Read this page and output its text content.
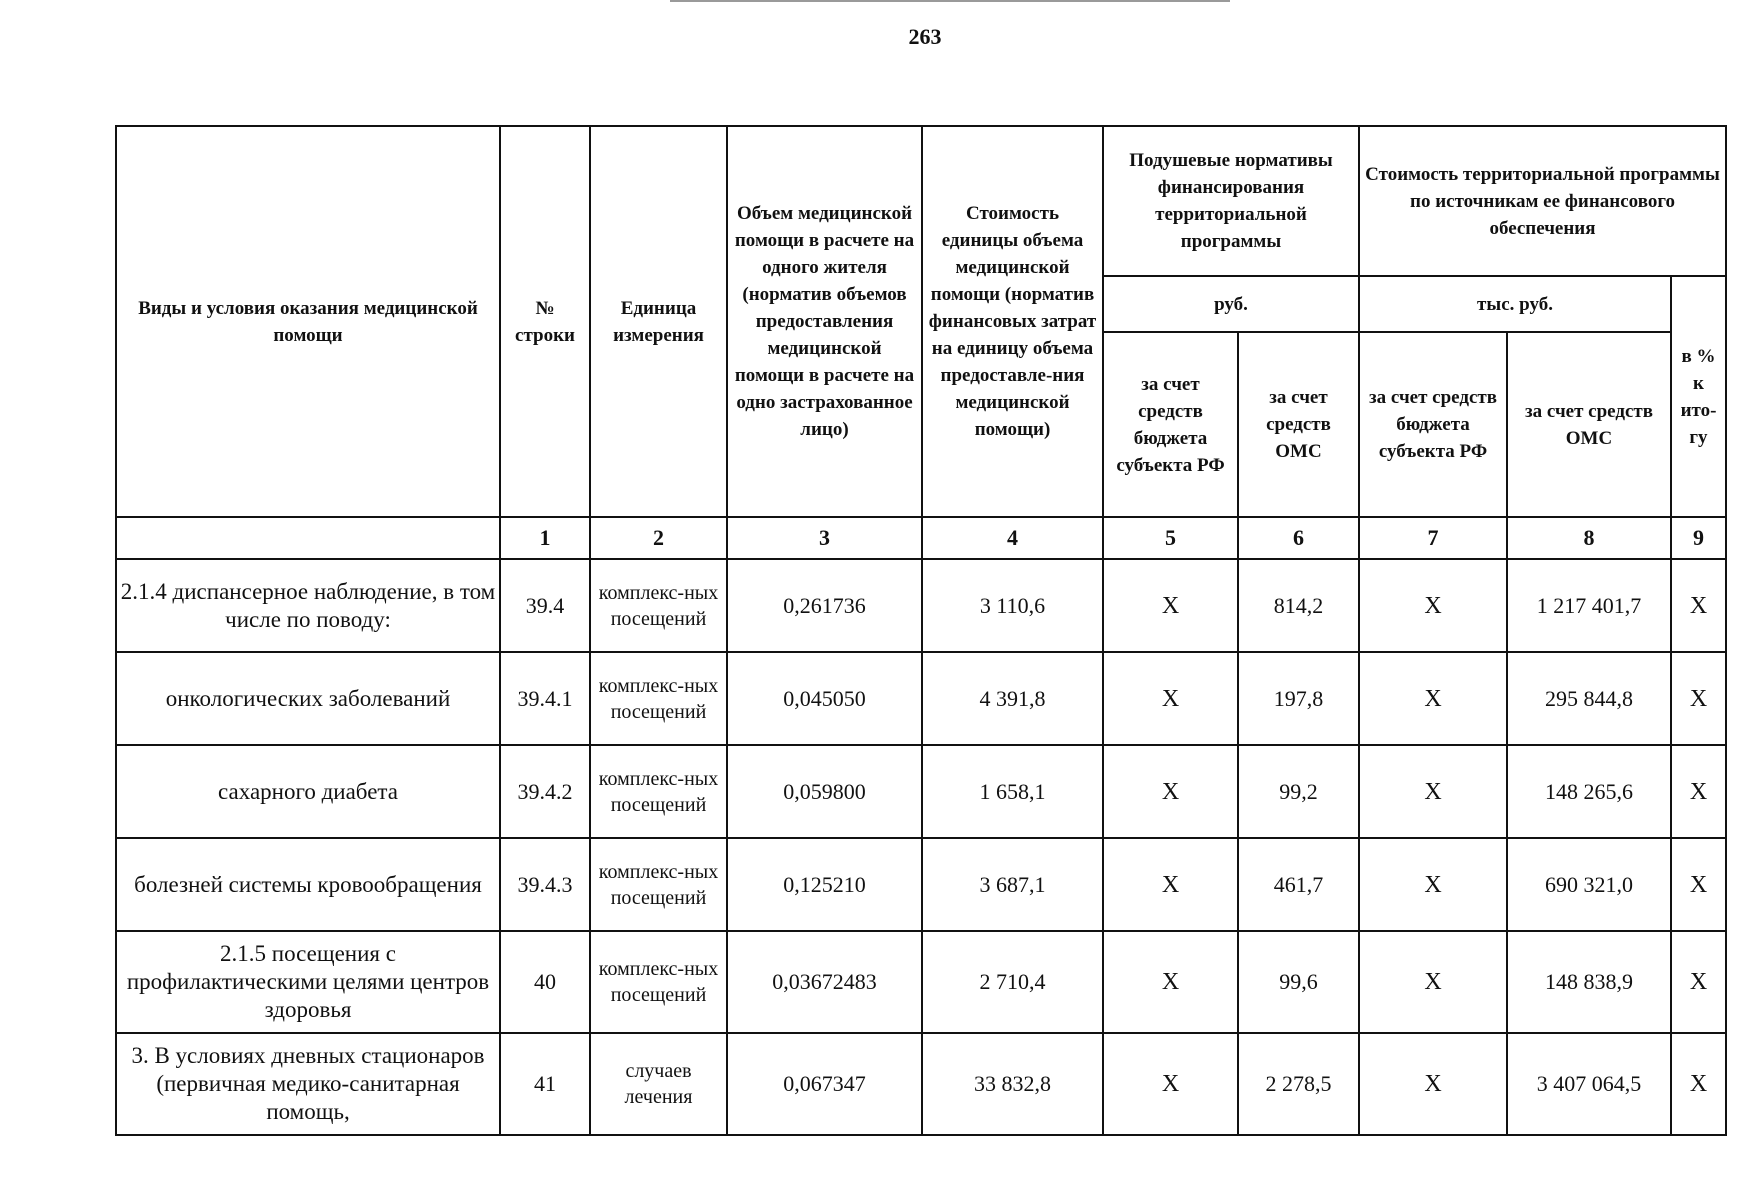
263
Виды и условия оказания медицинской помощи	№ строки	Единица измерения	Объем медицинской помощи в расчете на одного жителя (норматив объемов предоставления медицинской помощи в расчете на одно застрахованное лицо)	Стоимость единицы объема медицинской помощи (норматив финансовых затрат на единицу объема предоставле-ния медицинской помощи)	Подушевые нормативы финансирования территориальной программы		Стоимость территориальной программы по источникам ее финансового обеспечения		
					руб.		тыс. руб.		в % к ито-гу
					за счет средств бюджета субъекта РФ	за счет средств ОМС	за счет средств бюджета субъекта РФ	за счет средств ОМС	
	1	2	3	4	5	6	7	8	9
2.1.4 диспансерное наблюдение, в том числе по поводу:	39.4	комплекс-ных посещений	0,261736	3 110,6	Х	814,2	Х	1 217 401,7	Х
онкологических заболеваний	39.4.1	комплекс-ных посещений	0,045050	4 391,8	Х	197,8	Х	295 844,8	Х
сахарного диабета	39.4.2	комплекс-ных посещений	0,059800	1 658,1	Х	99,2	Х	148 265,6	Х
болезней системы кровообращения	39.4.3	комплекс-ных посещений	0,125210	3 687,1	Х	461,7	Х	690 321,0	Х
2.1.5 посещения с профилактическими целями центров здоровья	40	комплекс-ных посещений	0,03672483	2 710,4	Х	99,6	Х	148 838,9	Х
3. В условиях дневных стационаров (первичная медико-санитарная помощь,	41	случаев лечения	0,067347	33 832,8	Х	2 278,5	Х	3 407 064,5	Х
